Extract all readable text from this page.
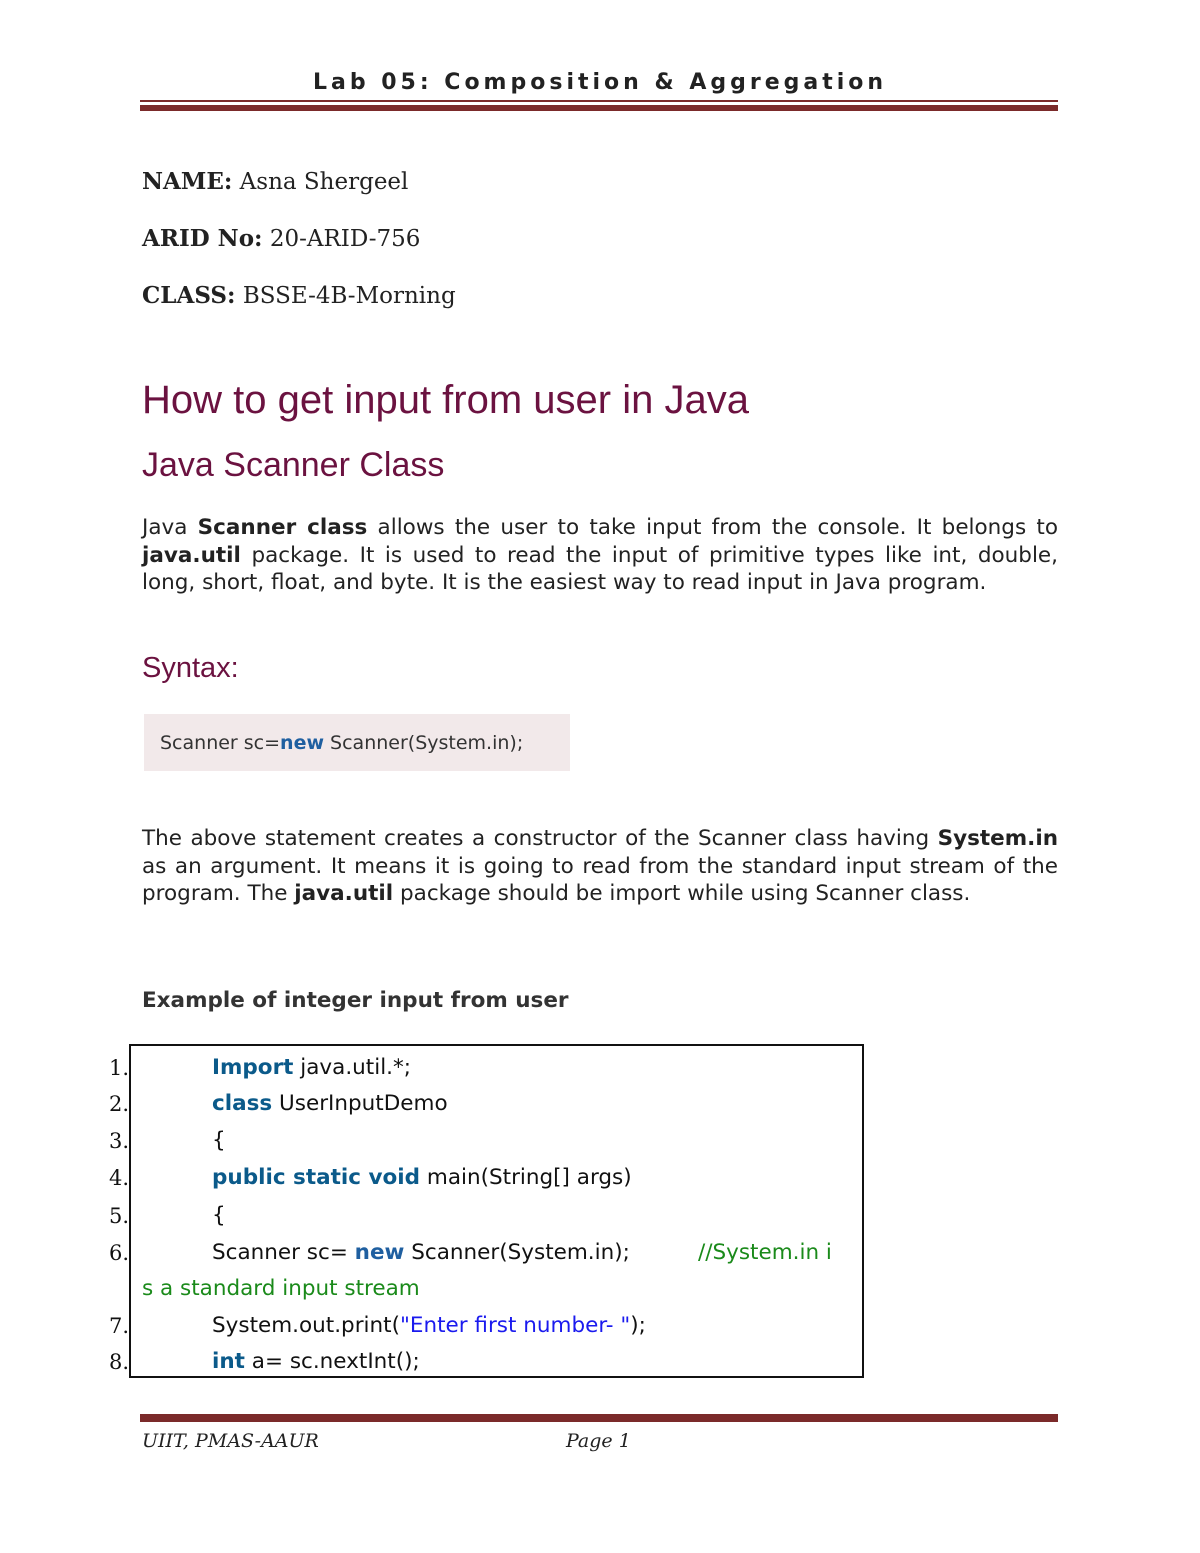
Lab 05: Composition & Aggregation
NAME: Asna Shergeel
ARID No: 20-ARID-756
CLASS: BSSE-4B-Morning
How to get input from user in Java
Java Scanner Class

Java Scanner class allows the user to take input from the console. It belongs to java.util package. It is used to read the input of primitive types like int, double, long, short, float, and byte. It is the easiest way to read input in Java program.

Syntax:
Scanner sc=new Scanner(System.in);

The above statement creates a constructor of the Scanner class having System.in as an argument. It means it is going to read from the standard input stream of the program. The java.util package should be import while using Scanner class.

Example of integer input from user
1.
2.
3.
4.
5.
6.
7.
8.
Import java.util.*;
class UserInputDemo
{
public static void main(String[] args)
{
Scanner sc= new Scanner(System.in);	//System.in i
s a standard input stream
System.out.print("Enter first number- ");
int a= sc.nextInt();
UIIT, PMAS-AAUR	Page 1
